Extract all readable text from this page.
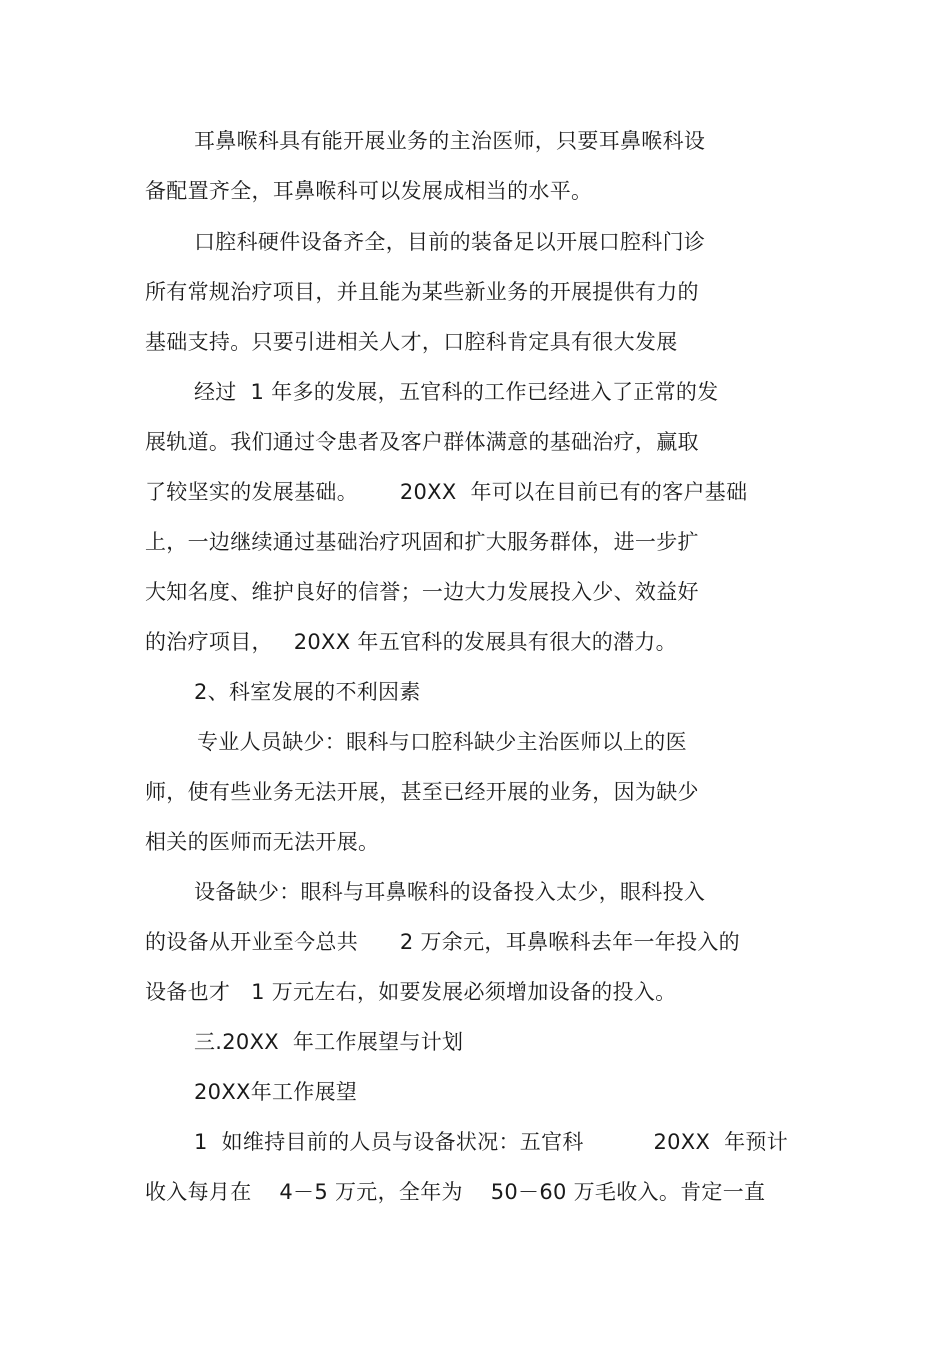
耳鼻喉科具有能开展业务的主治医师，只要耳鼻喉科设
备配置齐全，耳鼻喉科可以发展成相当的水平。
口腔科硬件设备齐全，目前的装备足以开展口腔科门诊
所有常规治疗项目，并且能为某些新业务的开展提供有力的
基础支持。只要引进相关人才，口腔科肯定具有很大发展
经过  1 年多的发展，五官科的工作已经进入了正常的发
展轨道。我们通过令患者及客户群体满意的基础治疗，赢取
了较坚实的发展基础。      20XX  年可以在目前已有的客户基础
上，一边继续通过基础治疗巩固和扩大服务群体，进一步扩
大知名度、维护良好的信誉；一边大力发展投入少、效益好
的治疗项目，   20XX 年五官科的发展具有很大的潜力。
2、科室发展的不利因素
专业人员缺少：眼科与口腔科缺少主治医师以上的医
师，使有些业务无法开展，甚至已经开展的业务，因为缺少
相关的医师而无法开展。
设备缺少：眼科与耳鼻喉科的设备投入太少，眼科投入
的设备从开业至今总共      2 万余元，耳鼻喉科去年一年投入的
设备也才   1 万元左右，如要发展必须增加设备的投入。
三.20XX  年工作展望与计划
20XX年工作展望
1  如维持目前的人员与设备状况：五官科          20XX  年预计
收入每月在    4－5 万元，全年为    50－60 万毛收入。肯定一直
